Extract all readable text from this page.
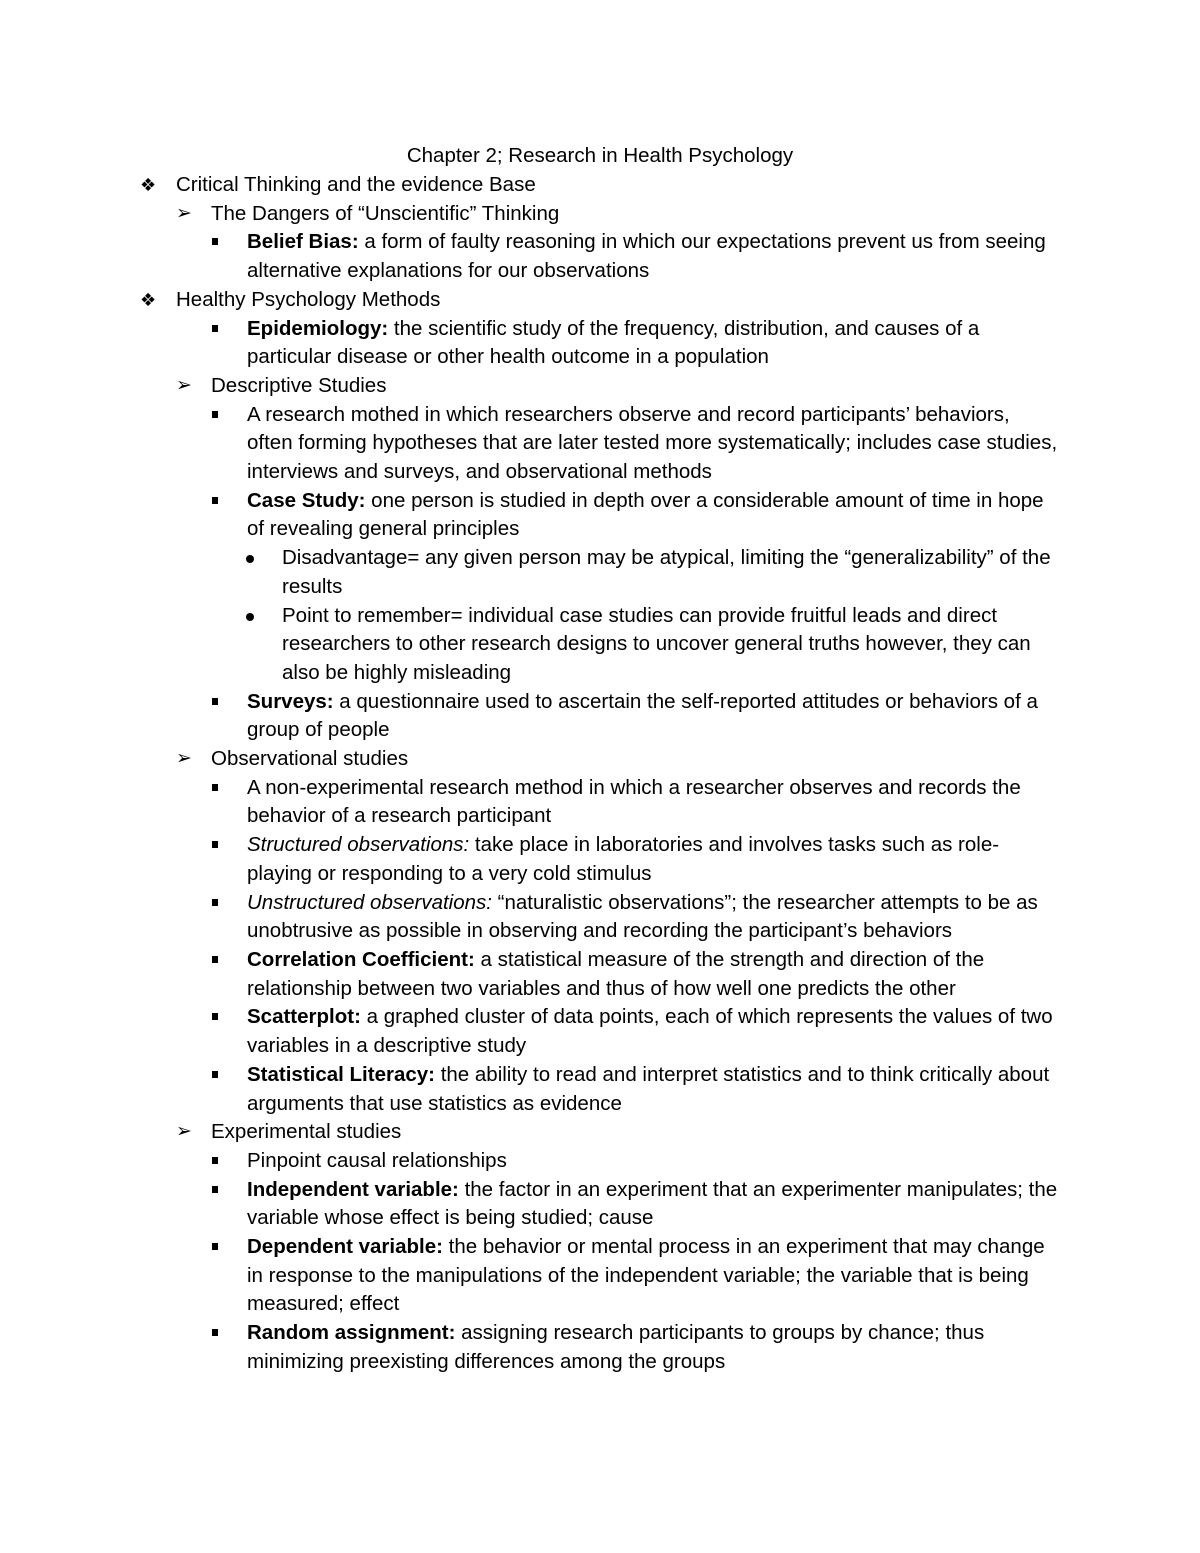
Chapter 2; Research in Health Psychology
❖ Critical Thinking and the evidence Base
➢ The Dangers of “Unscientific” Thinking
Belief Bias: a form of faulty reasoning in which our expectations prevent us from seeing alternative explanations for our observations
❖ Healthy Psychology Methods
Epidemiology: the scientific study of the frequency, distribution, and causes of a particular disease or other health outcome in a population
➢ Descriptive Studies
A research mothed in which researchers observe and record participants’ behaviors, often forming hypotheses that are later tested more systematically; includes case studies, interviews and surveys, and observational methods
Case Study: one person is studied in depth over a considerable amount of time in hope of revealing general principles
Disadvantage= any given person may be atypical, limiting the “generalizability” of the results
Point to remember= individual case studies can provide fruitful leads and direct researchers to other research designs to uncover general truths however, they can also be highly misleading
Surveys: a questionnaire used to ascertain the self-reported attitudes or behaviors of a group of people
➢ Observational studies
A non-experimental research method in which a researcher observes and records the behavior of a research participant
Structured observations: take place in laboratories and involves tasks such as role-playing or responding to a very cold stimulus
Unstructured observations: “naturalistic observations”; the researcher attempts to be as unobtrusive as possible in observing and recording the participant’s behaviors
Correlation Coefficient: a statistical measure of the strength and direction of the relationship between two variables and thus of how well one predicts the other
Scatterplot: a graphed cluster of data points, each of which represents the values of two variables in a descriptive study
Statistical Literacy: the ability to read and interpret statistics and to think critically about arguments that use statistics as evidence
➢ Experimental studies
Pinpoint causal relationships
Independent variable: the factor in an experiment that an experimenter manipulates; the variable whose effect is being studied; cause
Dependent variable: the behavior or mental process in an experiment that may change in response to the manipulations of the independent variable; the variable that is being measured; effect
Random assignment: assigning research participants to groups by chance; thus minimizing preexisting differences among the groups
